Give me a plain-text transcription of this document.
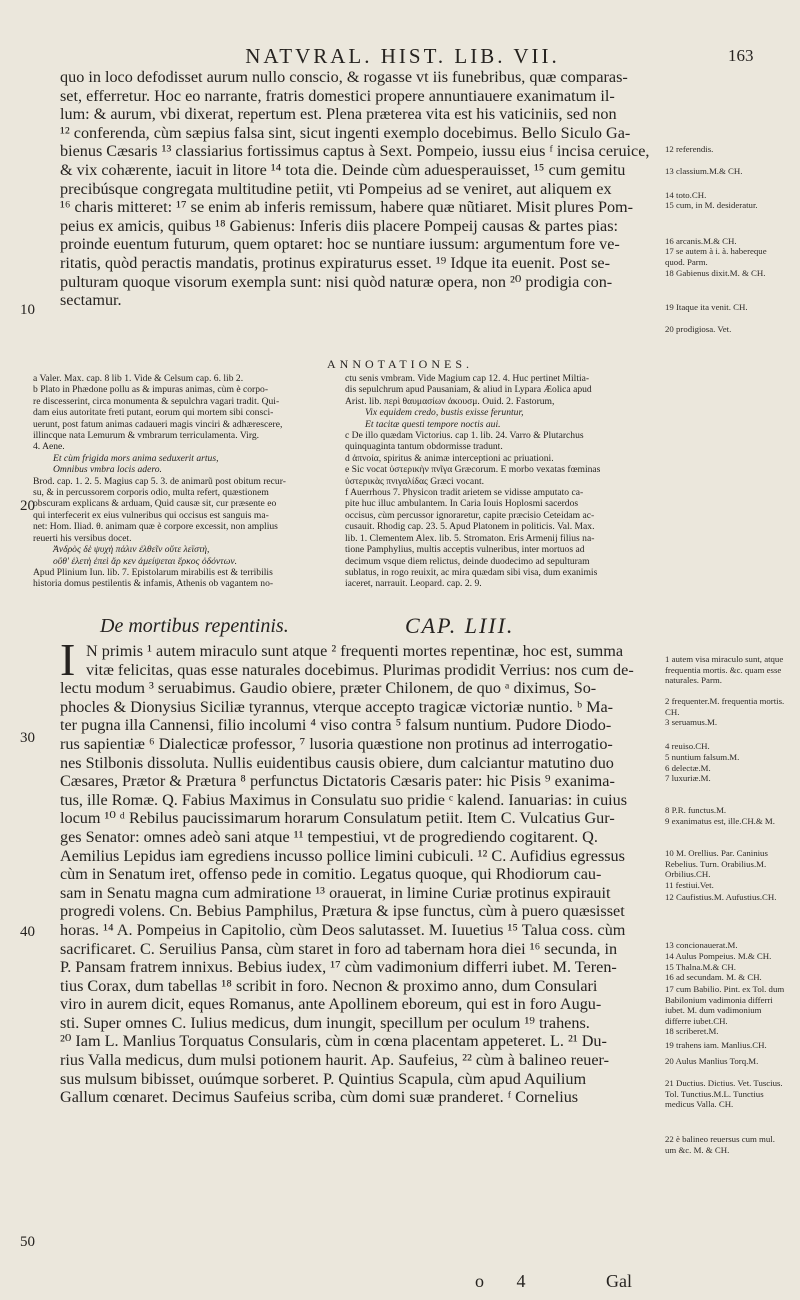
NATVRAL. HIST. LIB. VII.	163
quo in loco defodisset aurum nullo conscio, & rogasse vt iis funebribus, quæ comparas-
set, efferretur. Hoc eo narrante, fratris domestici propere annuntiauere exanimatum il-
lum: & aurum, vbi dixerat, repertum est. Plena præterea vita est his vaticiniis, sed non
¹² conferenda, cùm sæpius falsa sint, sicut ingenti exemplo docebimus. Bello Siculo Ga-
bienus Cæsaris ¹³ classiarius fortissimus captus à Sext. Pompeio, iussu eius ᶠ incisa ceruice,
& vix cohærente, iacuit in litore ¹⁴ tota die. Deinde cùm aduesperauisset, ¹⁵ cum gemitu
precibúsque congregata multitudine petiit, vti Pompeius ad se veniret, aut aliquem ex
¹⁶ charis mitteret: ¹⁷ se enim ab inferis remissum, habere quæ nũtiaret. Misit plures Pom-
peius ex amicis, quibus ¹⁸ Gabienus: Inferis diis placere Pompeij causas & partes pias:
proinde euentum futurum, quem optaret: hoc se nuntiare iussum: argumentum fore ve-
ritatis, quòd peractis mandatis, protinus expiraturus esset. ¹⁹ Idque ita euenit. Post se-
pulturam quoque visorum exempla sunt: nisi quòd naturæ opera, non ²⁰ prodigia con-
sectamur.
10
20
30
40
50
12 referendis.
13 classium.M.& CH.
14 toto.CH.
15 cum, in M. desideratur.
16 arcanis.M.& CH.
17 se autem à i. à. habereque quod. Parm.
18 Gabienus dixit.M. & CH.
19 Itaque ita venit. CH.
20 prodigiosa. Vet.
ANNOTATIONES.
a Valer. Max. cap. 8 lib 1. Vide & Celsum cap. 6. lib 2.
b Plato in Phædone pollu as & impuras animas, cùm è corpo-
re discesserint, circa monumenta & sepulchra vagari tradit. Qui-
dam eius autoritate freti putant, eorum qui mortem sibi consci-
uerunt, post fatum animas cadaueri magis vinciri & adhærescere,
illincque nata Lemurum & vmbrarum terriculamenta. Virg.
4. Aene.
Et cùm frigida mors anima seduxerit artus,
Omnibus vmbra locis adero.
Brod. cap. 1. 2. 5. Magius cap 5. 3. de animarũ post obitum recur-
su, & in percussorem corporis odio, multa refert, quæstionem
obscuram explicans & arduam, Quid causæ sit, cur præsente eo
qui interfecerit ex eius vulneribus qui occisus est sanguis ma-
net: Hom. Iliad. θ. animam quæ è corpore excessit, non amplius
reuerti his versibus docet.
Ἀνδρὸς δὲ ψυχὴ πάλιν ἐλθεῖν οὔτε λεϊστὴ,
οὔθ' ἑλετὴ ἐπεὶ ἄρ κεν ἀμείψεται ἕρκος ὀδόντων.
Apud Plinium Iun. lib. 7. Epistolarum mirabilis est & terribilis
historia domus pestilentis & infamis, Athenis ob vagantem no-
ctu senis vmbram. Vide Magium cap 12. 4. Huc pertinet Miltia-
dis sepulchrum apud Pausaniam, & aliud in Lypara Æolica apud
Arist. lib. περὶ θαυμασίων ἀκουσμ. Ouid. 2. Fastorum,
Vix equidem credo, bustis exisse feruntur,
Et tacitæ questi tempore noctis aui.
c De illo quædam Victorius. cap 1. lib. 24. Varro & Plutarchus
quinquaginta tantum obdormisse tradunt.
d ἀπνοία, spiritus & animæ interceptioni ac priuationi.
e Sic vocat ὑστερικὴν πνῖγα Græcorum. E morbo vexatas fœminas
ὑστερικὰς πνιγαλίδας Græci vocant.
f Auerrhous 7. Physicon tradit arietem se vidisse amputato ca-
pite huc illuc ambulantem. In Caria Iouis Hoplosmi sacerdos
occisus, cùm percussor ignoraretur, capite præcisio Ceteidam ac-
cusauit. Rhodig cap. 23. 5. Apud Platonem in politicis. Val. Max.
lib. 1. Clementem Alex. lib. 5. Stromaton. Eris Armenij filius na-
tione Pamphylius, multis acceptis vulneribus, inter mortuos ad
decimum vsque diem relictus, deinde duodecimo ad sepulturam
sublatus, in rogo reuixit, ac mira quædam sibi visa, dum exanimis
iaceret, narrauit. Leopard. cap. 2. 9.
De mortibus repentinis.	CAP. LIII.
I N primis ¹ autem miraculo sunt atque ² frequenti mortes repentinæ, hoc est, summa
vitæ felicitas, quas esse naturales docebimus. Plurimas prodidit Verrius: nos cum de-
lectu modum ³ seruabimus. Gaudio obiere, præter Chilonem, de quo ᵃ diximus, So-
phocles & Dionysius Siciliæ tyrannus, vterque accepto tragicæ victoriæ nuntio. ᵇ Ma-
ter pugna illa Cannensi, filio incolumi ⁴ viso contra ⁵ falsum nuntium. Pudore Diodo-
rus sapientiæ ⁶ Dialecticæ professor, ⁷ lusoria quæstione non protinus ad interrogatio-
nes Stilbonis dissoluta. Nullis euidentibus causis obiere, dum calciantur matutino duo
Cæsares, Prætor & Prætura ⁸ perfunctus Dictatoris Cæsaris pater: hic Pisis ⁹ exanima-
tus, ille Romæ. Q. Fabius Maximus in Consulatu suo pridie ᶜ kalend. Ianuarias: in cuius
locum ¹⁰ ᵈ Rebilus paucissimarum horarum Consulatum petiit. Item C. Vulcatius Gur-
ges Senator: omnes adeò sani atque ¹¹ tempestiui, vt de progrediendo cogitarent. Q.
Aemilius Lepidus iam egrediens incusso pollice limini cubiculi. ¹² C. Aufidius egressus
cùm in Senatum iret, offenso pede in comitio. Legatus quoque, qui Rhodiorum cau-
sam in Senatu magna cum admiratione ¹³ orauerat, in limine Curiæ protinus expirauit
progredi volens. Cn. Bebius Pamphilus, Prætura & ipse functus, cùm à puero quæsisset
horas. ¹⁴ A. Pompeius in Capitolio, cùm Deos salutasset. M. Iuuetius ¹⁵ Talua coss. cùm
sacrificaret. C. Seruilius Pansa, cùm staret in foro ad tabernam hora diei ¹⁶ secunda, in
P. Pansam fratrem innixus. Bebius iudex, ¹⁷ cùm vadimonium differri iubet. M. Teren-
tius Corax, dum tabellas ¹⁸ scribit in foro. Necnon & proximo anno, dum Consulari
viro in aurem dicit, eques Romanus, ante Apollinem eboreum, qui est in foro Augu-
sti. Super omnes C. Iulius medicus, dum inungit, specillum per oculum ¹⁹ trahens.
²⁰ Iam L. Manlius Torquatus Consularis, cùm in cœna placentam appeteret. L. ²¹ Du-
rius Valla medicus, dum mulsi potionem haurit. Ap. Saufeius, ²² cùm à balineo reuer-
sus mulsum bibisset, ouúmque sorberet. P. Quintius Scapula, cùm apud Aquilium
Gallum cœnaret. Decimus Saufeius scriba, cùm domi suæ pranderet. ᶠ Cornelius
1 autem visa miraculo sunt, atque frequentia mortis. &c. quam esse naturales. Parm.
2 frequenter.M. frequentia mortis. CH.
3 seruamus.M.
4 reuiso.CH.
5 nuntium falsum.M.
6 delectæ.M.
7 luxuriæ.M.
8 P.R. functus.M.
9 exanimatus est, ille.CH.& M.
10 M. Orellius. Par. Caninius Rebelius. Turn. Orabilius.M. Orbilius.CH.
11 festiui.Vet.
12 Caufistius.M. Aufustius.CH.
13 concionauerat.M.
14 Aulus Pompeius. M.& CH.
15 Thalna.M.& CH.
16 ad secundam. M. & CH.
17 cum Babilio. Pint. ex Tol. dum Babilonium vadimonia differri iubet. M. dum vadimonium differre iubet.CH.
18 scriberet.M.
19 trahens iam. Manlius.CH.
20 Aulus Manlius Torq.M.
21 Ductius. Dictius. Vet. Tuscius. Tol. Tunctius.M.L. Tunctius medicus Valla. CH.
22 è balineo reuersus cum mul. um &c. M. & CH.
o 4	Gal
